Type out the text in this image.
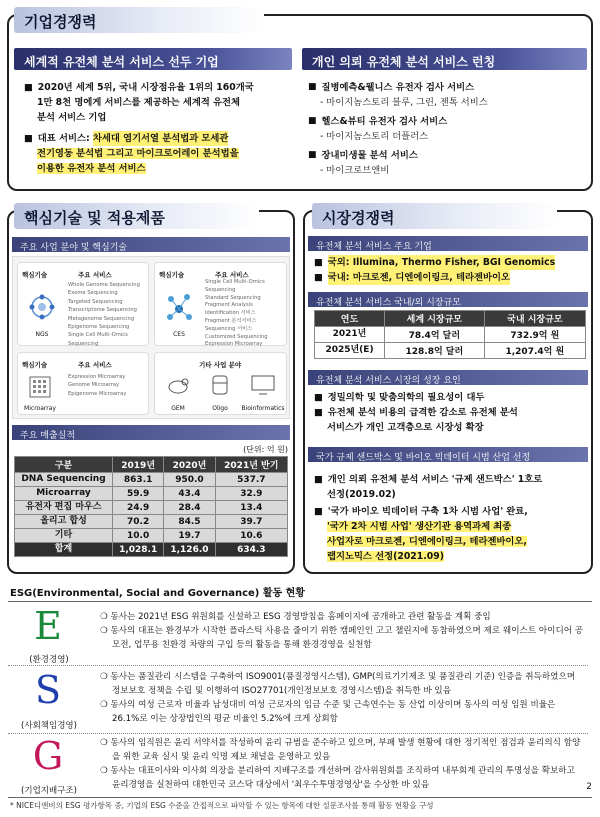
기업경쟁력
세계적 유전체 분석 서비스 선두 기업	개인 의뢰 유전체 분석 서비스 런칭
■ 2020년 세계 5위, 국내 시장점유율 1위의 160개국
1만 8천 명에게 서비스를 제공하는 세계적 유전체
분석 서비스 기업
■ 대표 서비스: 차세대 염기서열 분석법과 모세관
전기영동 분석법 그리고 마이크로어레이 분석법을
이용한 유전자 분석 서비스
■ 질병예측&웰니스 유전자 검사 서비스
- 마이지놈스토리 블루, 그린, 젠톡 서비스
■ 헬스&뷰티 유전자 검사 서비스
- 마이지놈스토리 더플러스
■ 장내미생물 분석 서비스
- 마이크로브앤비
핵심기술 및 적용제품
주요 사업 분야 및 핵심기술
핵심기술	주요 서비스
NGS
Whole Genome Sequencing
Exome Sequencing
Targeted Sequencing
Transcriptome Sequencing
Metagenome Sequencing
Epigenome Sequencing
Single Cell Multi-Omics Sequencing
핵심기술	주요 서비스
CES
Single Cell Multi-Omics Sequencing
Standard Sequencing
Fragment Analysis
Identification 서비스
Fragment 분석서비스
Sequencing 서비스
Customized Sequencing
Expression Microarray
핵심기술	주요 서비스
Microarray
Expression Microarray
Genome Microarray
Epigenome Microarray
기타 사업 분야
GEM	Oligo	Bioinformatics
주요 매출실적
(단위: 억 원)
구분	2019년	2020년	2021년 반기
DNA Sequencing	863.1	950.0	537.7
Microarray	59.9	43.4	32.9
유전자 편집 마우스	24.9	28.4	13.4
올리고 합성	70.2	84.5	39.7
기타	10.0	19.7	10.6
합계	1,028.1	1,126.0	634.3
시장경쟁력
유전체 분석 서비스 주요 기업
■ 국외: Illumina, Thermo Fisher, BGI Genomics
■ 국내: 마크로젠, 디엔에이링크, 테라젠바이오
유전체 분석 서비스 국내/외 시장규모
연도	세계 시장규모	국내 시장규모
2021년	78.4억 달러	732.9억 원
2025년(E)	128.8억 달러	1,207.4억 원
유전체 분석 서비스 시장의 성장 요인
■ 정밀의학 및 맞춤의학의 필요성이 대두
■ 유전체 분석 비용의 급격한 감소로 유전체 분석
서비스가 개인 고객층으로 시장성 확장
국가 규제 샌드박스 및 바이오 빅데이터 시범 산업 선정
■ 개인 의뢰 유전체 분석 서비스 '규제 샌드박스' 1호로
선정(2019.02)
■ '국가 바이오 빅데이터 구축 1차 시범 사업' 완료,
'국가 2차 시범 사업' 생산기관 용역과제 최종
사업자로 마크로젠, 디엔에이링크, 테라젠바이오,
랩지노믹스 선정(2021.09)
ESG(Environmental, Social and Governance) 활동 현황
E
(환경경영)

❍ 동사는 2021년 ESG 위원회를 신설하고 ESG 경영방침을 홈페이지에 공개하고 관련 활동을 계획 중임

❍ 동사의 대표는 환경부가 시작한 플라스틱 사용을 줄이기 위한 캠페인인 고고 챌린지에 동참하였으며 제로 웨이스트 아이디어 공모전, 업무용 친환경 차량의 구입 등의 활동을 통해 환경경영을 실천함

S
(사회책임경영)

❍ 동사는 품질관리 시스템을 구축하여 ISO9001(품질경영시스템), GMP(의료기기제조 및 품질관리 기준) 인증을 취득하였으며 정보보호 정책을 수립 및 이행하여 ISO27701(개인정보보호 경영시스템)을 취득한 바 있음

❍ 동사의 여성 근로자 비율과 남성대비 여성 근로자의 임금 수준 및 근속연수는 동 산업 이상이며 동사의 여성 임원 비율은 26.1%로 이는 상장법인의 평균 비율인 5.2%에 크게 상회함

G
(기업지배구조)

❍ 동사의 임직원은 윤리 서약서를 작성하여 윤리 규범을 준수하고 있으며, 부패 발생 현황에 대한 정기적인 점검과 윤리의식 함양을 위한 교육 실시 및 윤리 익명 제보 채널을 운영하고 있음

❍ 동사는 대표이사와 이사회 의장을 분리하여 지배구조를 개선하며 감사위원회를 조직하여 내부회계 관리의 투명성을 확보하고 윤리경영을 실천하여 대한민국 코스닥 대상에서 '최우수투명경영상'을 수상한 바 있음

* NICE디앤비의 ESG 평가항목 중, 기업의 ESG 수준을 간접적으로 파악할 수 있는 항목에 대한 설문조사를 통해 활동 현황을 구성
2
